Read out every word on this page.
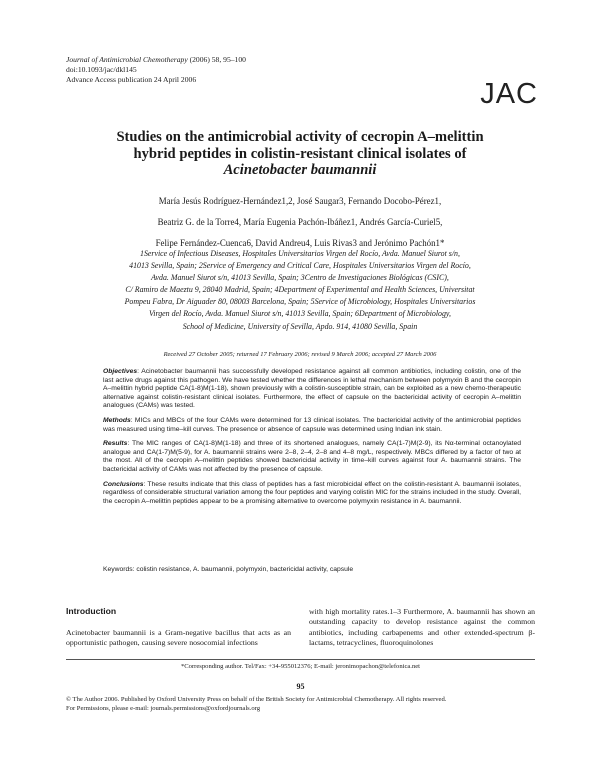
Journal of Antimicrobial Chemotherapy (2006) 58, 95–100
doi:10.1093/jac/dkl145
Advance Access publication 24 April 2006	JAC
Studies on the antimicrobial activity of cecropin A–melittin
hybrid peptides in colistin-resistant clinical isolates of
Acinetobacter baumannii
María Jesús Rodríguez-Hernández1,2, José Saugar3, Fernando Docobo-Pérez1,
Beatriz G. de la Torre4, María Eugenia Pachón-Ibáñez1, Andrés García-Curiel5,
Felipe Fernández-Cuenca6, David Andreu4, Luis Rivas3 and Jerónimo Pachón1*
1Service of Infectious Diseases, Hospitales Universitarios Virgen del Rocío, Avda. Manuel Siurot s/n,
41013 Sevilla, Spain; 2Service of Emergency and Critical Care, Hospitales Universitarios Virgen del Rocío,
Avda. Manuel Siurot s/n, 41013 Sevilla, Spain; 3Centro de Investigaciones Biológicas (CSIC),
C/ Ramiro de Maeztu 9, 28040 Madrid, Spain; 4Department of Experimental and Health Sciences, Universitat
Pompeu Fabra, Dr Aiguader 80, 08003 Barcelona, Spain; 5Service of Microbiology, Hospitales Universitarios
Virgen del Rocío, Avda. Manuel Siurot s/n, 41013 Sevilla, Spain; 6Department of Microbiology,
School of Medicine, University of Sevilla, Apdo. 914, 41080 Sevilla, Spain
Received 27 October 2005; returned 17 February 2006; revised 9 March 2006; accepted 27 March 2006

Objectives: Acinetobacter baumannii has successfully developed resistance against all common antibiotics, including colistin, one of the last active drugs against this pathogen. We have tested whether the differences in lethal mechanism between polymyxin B and the cecropin A–melittin hybrid peptide CA(1-8)M(1-18), shown previously with a colistin-susceptible strain, can be exploited as a new chemo-therapeutic alternative against colistin-resistant clinical isolates. Furthermore, the effect of capsule on the bactericidal activity of cecropin A–melittin analogues (CAMs) was tested.

Methods: MICs and MBCs of the four CAMs were determined for 13 clinical isolates. The bactericidal activity of the antimicrobial peptides was measured using time–kill curves. The presence or absence of capsule was determined using Indian ink stain.

Results: The MIC ranges of CA(1-8)M(1-18) and three of its shortened analogues, namely CA(1-7)M(2-9), its Nα-terminal octanoylated analogue and CA(1-7)M(5-9), for A. baumannii strains were 2–8, 2–4, 2–8 and 4–8 mg/L, respectively. MBCs differed by a factor of two at the most. All of the cecropin A–melittin peptides showed bactericidal activity in time–kill curves against four A. baumannii strains. The bactericidal activity of CAMs was not affected by the presence of capsule.

Conclusions: These results indicate that this class of peptides has a fast microbicidal effect on the colistin-resistant A. baumannii isolates, regardless of considerable structural variation among the four peptides and varying colistin MIC for the strains included in the study. Overall, the cecropin A–melittin peptides appear to be a promising alternative to overcome polymyxin resistance in A. baumannii.

Keywords: colistin resistance, A. baumannii, polymyxin, bactericidal activity, capsule
Introduction
Acinetobacter baumannii is a Gram-negative bacillus that acts as an opportunistic pathogen, causing severe nosocomial infections
with high mortality rates.1–3 Furthermore, A. baumannii has shown an outstanding capacity to develop resistance against the common antibiotics, including carbapenems and other extended-spectrum β-lactams, tetracyclines, fluoroquinolones
*Corresponding author. Tel/Fax: +34-955012376; E-mail: jeronimopachon@telefonica.net
95
© The Author 2006. Published by Oxford University Press on behalf of the British Society for Antimicrobial Chemotherapy. All rights reserved.
For Permissions, please e-mail: journals.permissions@oxfordjournals.org
